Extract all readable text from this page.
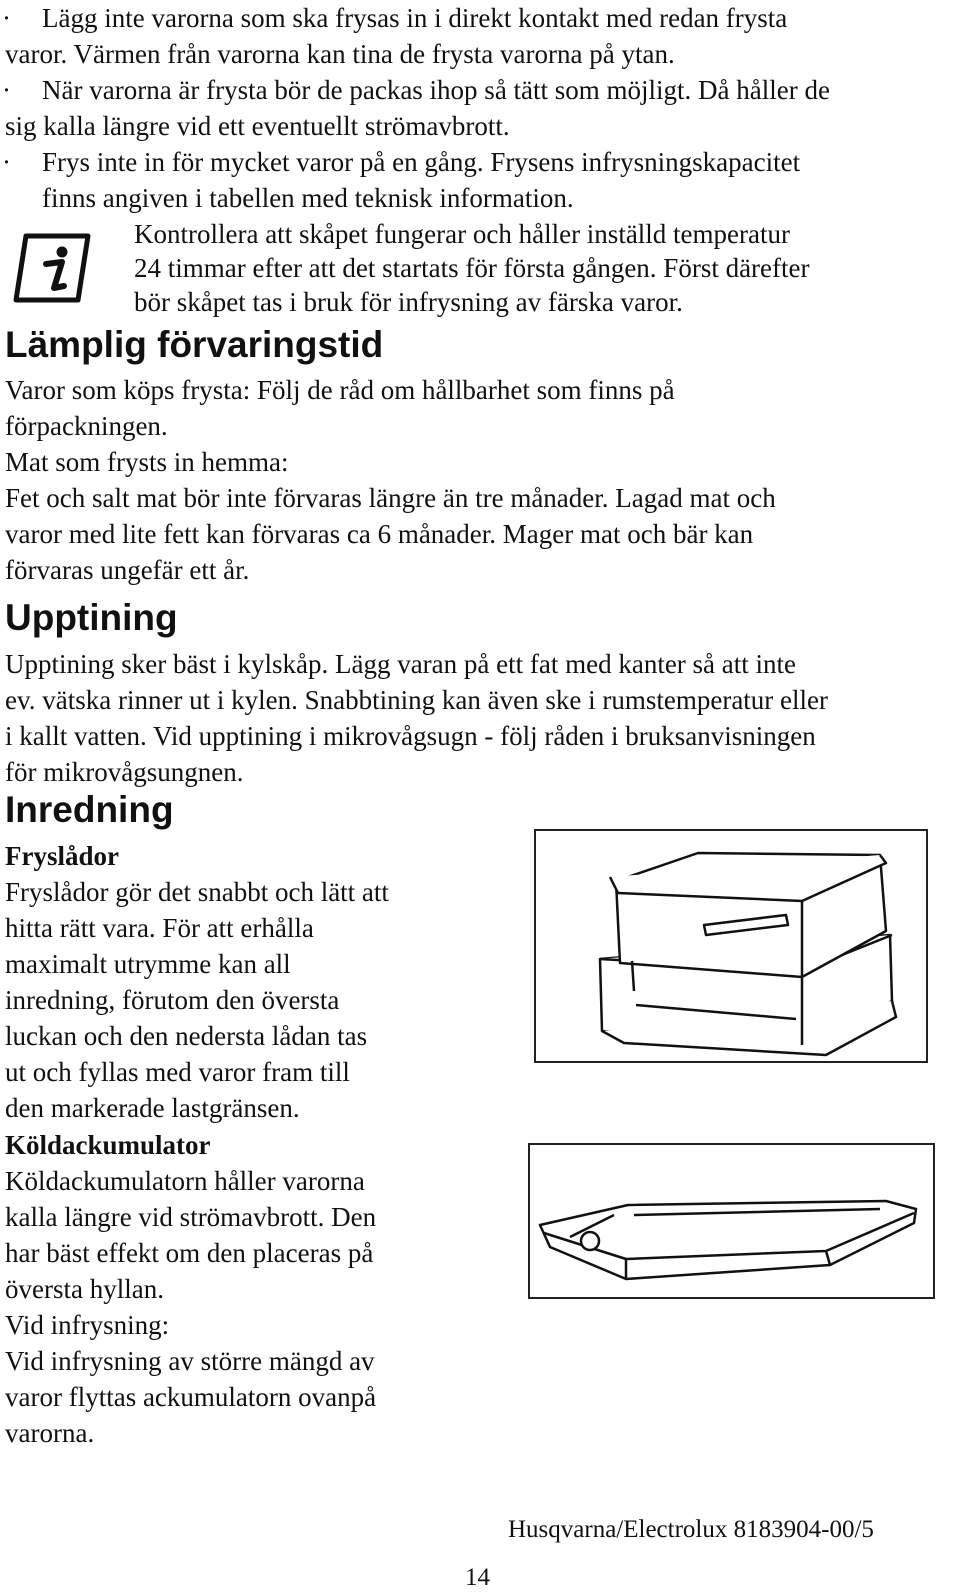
· Lägg inte varorna som ska frysas in i direkt kontakt med redan frysta

varor. Värmen från varorna kan tina de frysta varorna på ytan.

· När varorna är frysta bör de packas ihop så tätt som möjligt. Då håller de

sig kalla längre vid ett eventuellt strömavbrott.

· Frys inte in för mycket varor på en gång. Frysens infrysningskapacitet

finns angiven i tabellen med teknisk information.

Kontrollera att skåpet fungerar och håller inställd temperatur

24 timmar efter att det startats för första gången. Först därefter

bör skåpet tas i bruk för infrysning av färska varor.

Lämplig förvaringstid

Varor som köps frysta: Följ de råd om hållbarhet som finns på
förpackningen.
Mat som frysts in hemma:
Fet och salt mat bör inte förvaras längre än tre månader. Lagad mat och
varor med lite fett kan förvaras ca 6 månader. Mager mat och bär kan
förvaras ungefär ett år.

Upptining

Upptining sker bäst i kylskåp. Lägg varan på ett fat med kanter så att inte
ev. vätska rinner ut i kylen. Snabbtining kan även ske i rumstemperatur eller
i kallt vatten. Vid upptining i mikrovågsugn - följ råden i bruksanvisningen
för mikrovågsungnen.

Inredning

Fryslådor

Fryslådor gör det snabbt och lätt att
hitta rätt vara. För att erhålla
maximalt utrymme kan all
inredning, förutom den översta
luckan och den nedersta lådan tas
ut och fyllas med varor fram till
den markerade lastgränsen.

Köldackumulator

Köldackumulatorn håller varorna
kalla längre vid strömavbrott. Den
har bäst effekt om den placeras på
översta hyllan.
Vid infrysning:
Vid infrysning av större mängd av
varor flyttas ackumulatorn ovanpå
varorna.

Husqvarna/Electrolux 8183904-00/5

14
